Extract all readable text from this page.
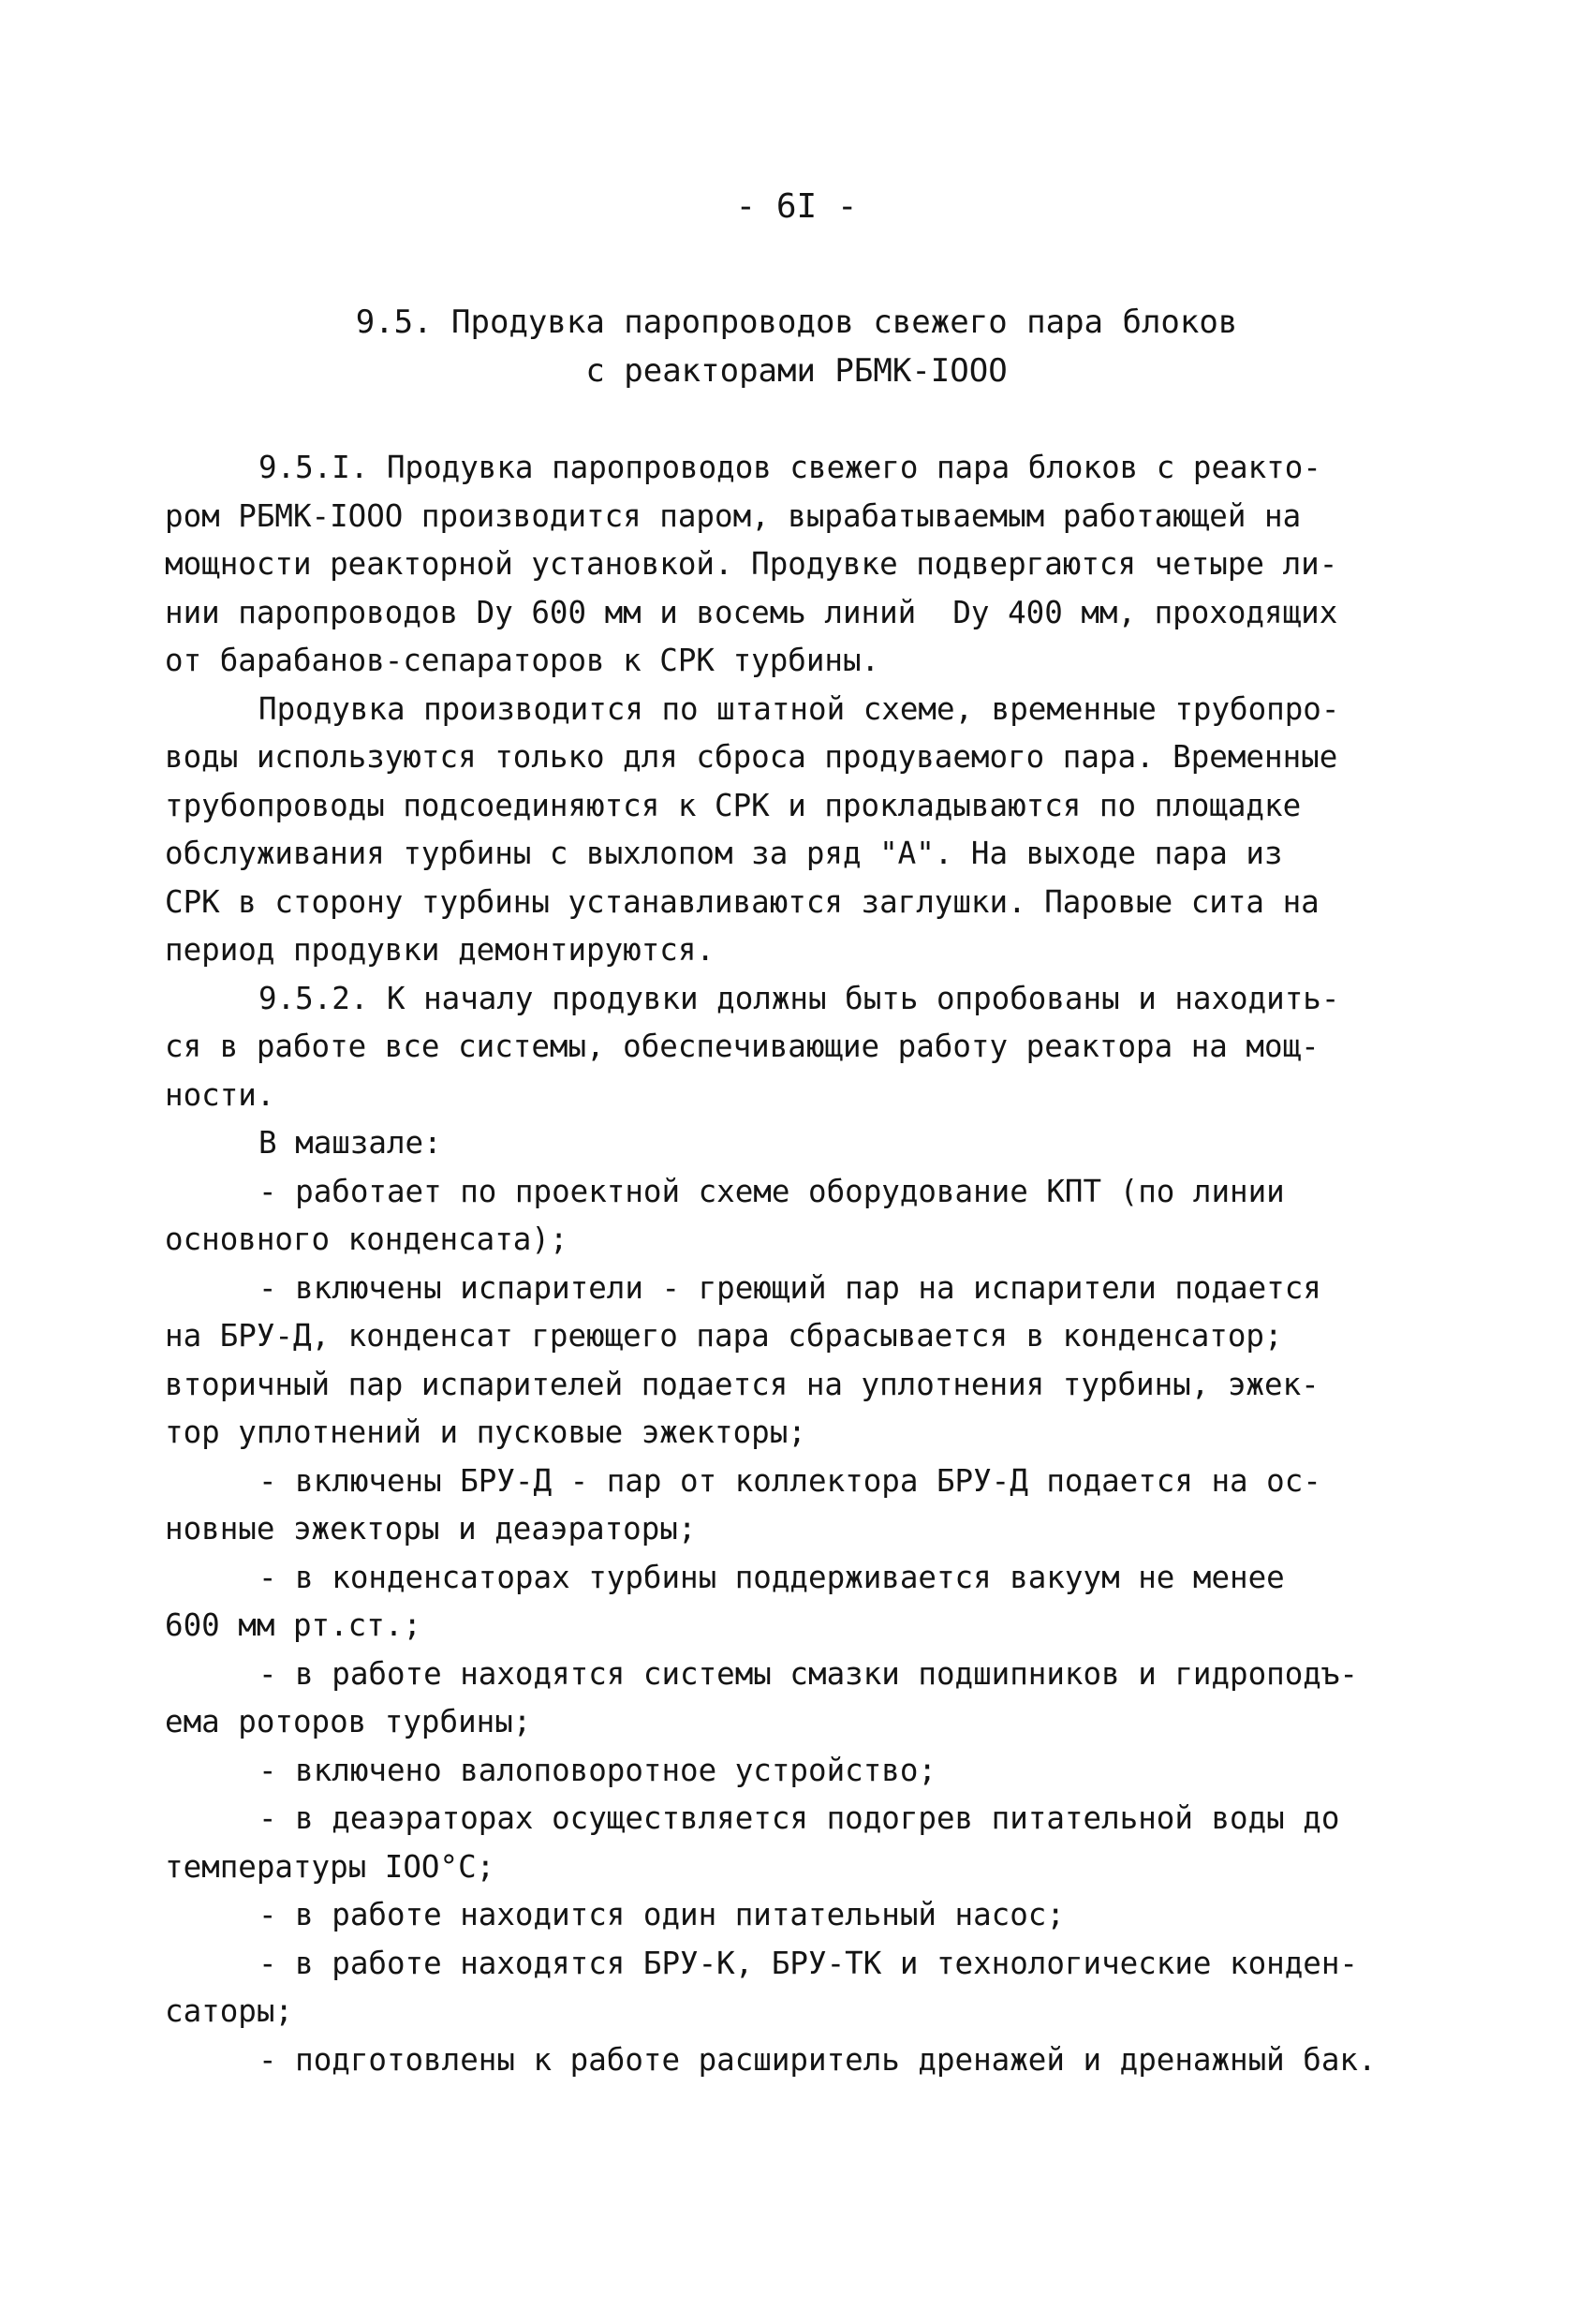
- 6I -
9.5. Продувка паропроводов свежего пара блоков
с реакторами РБМК-IOOO
9.5.I. Продувка паропроводов свежего пара блоков с реакто-
ром РБМК-IOOO производится паром, вырабатываемым работающей на
мощности реакторной установкой. Продувке подвергаются четыре ли-
нии паропроводов Dу 600 мм и восемь линий  Dу 400 мм, проходящих
от барабанов-сепараторов к СРК турбины.
Продувка производится по штатной схеме, временные трубопро-
воды используются только для сброса продуваемого пара. Временные
трубопроводы подсоединяются к СРК и прокладываются по площадке
обслуживания турбины с выхлопом за ряд "А". На выходе пара из
СРК в сторону турбины устанавливаются заглушки. Паровые сита на
период продувки демонтируются.
9.5.2. К началу продувки должны быть опробованы и находить-
ся в работе все системы, обеспечивающие работу реактора на мощ-
ности.
В машзале:
- работает по проектной схеме оборудование КПТ (по линии
основного конденсата);
- включены испарители - греющий пар на испарители подается
на БРУ-Д, конденсат греющего пара сбрасывается в конденсатор;
вторичный пар испарителей подается на уплотнения турбины, эжек-
тор уплотнений и пусковые эжекторы;
- включены БРУ-Д - пар от коллектора БРУ-Д подается на ос-
новные эжекторы и деаэраторы;
- в конденсаторах турбины поддерживается вакуум не менее
600 мм рт.ст.;
- в работе находятся системы смазки подшипников и гидроподъ-
ема роторов турбины;
- включено валоповоротное устройство;
- в деаэраторах осуществляется подогрев питательной воды до
температуры IOO°C;
- в работе находится один питательный насос;
- в работе находятся БРУ-К, БРУ-ТК и технологические конден-
саторы;
- подготовлены к работе расширитель дренажей и дренажный бак.
